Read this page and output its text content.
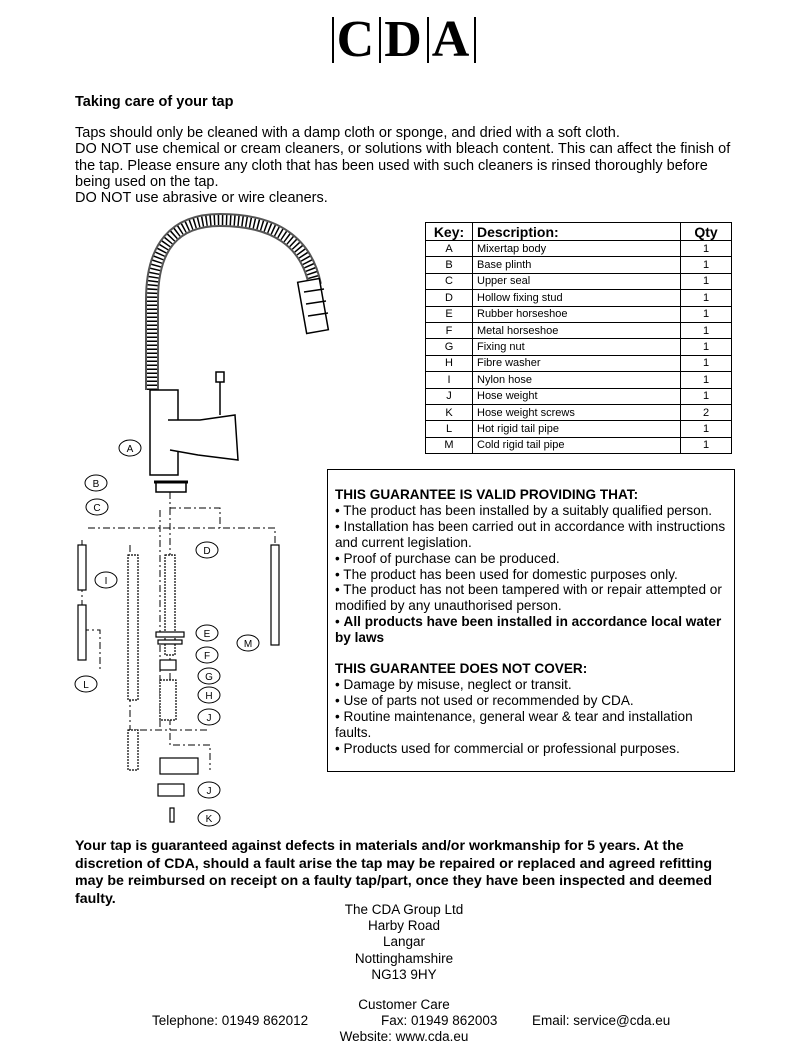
C D A
Taking care of your tap

Taps should only be cleaned with a damp cloth or sponge, and dried with a soft cloth.

DO NOT use chemical or cream cleaners, or solutions with bleach content. This can affect the finish of the tap. Please ensure any cloth that has been used with such cleaners is rinsed thoroughly before being used on the tap.

DO NOT use abrasive or wire cleaners.

A
B
C
D
I
E
F
M
G
L
H
J
J
K
Key:	Description:	Qty
A	Mixertap body	1
B	Base plinth	1
C	Upper seal	1
D	Hollow fixing stud	1
E	Rubber horseshoe	1
F	Metal horseshoe	1
G	Fixing nut	1
H	Fibre washer	1
I	Nylon hose	1
J	Hose weight	1
K	Hose weight screws	2
L	Hot rigid tail pipe	1
M	Cold rigid tail pipe	1
THIS GUARANTEE IS VALID PROVIDING THAT:
• The product has been installed by a suitably qualified person.
• Installation has been carried out in accordance with instructions and current legislation.
• Proof of purchase can be produced.
• The product has been used for domestic purposes only.
• The product has not been tampered with or repair attempted or modified by any unauthorised person.
• All products have been installed in accordance local water by laws
THIS GUARANTEE DOES NOT COVER:
• Damage by misuse, neglect or transit.
• Use of parts not used or recommended by CDA.
• Routine maintenance, general wear & tear and installation faults.
• Products used for commercial or professional purposes.
Your tap is guaranteed against defects in materials and/or workmanship for 5 years. At the discretion of CDA, should a fault arise the tap may be repaired or replaced and agreed refitting may be reimbursed on receipt on a faulty tap/part, once they have been inspected and deemed faulty.
The CDA Group Ltd
Harby Road
Langar
Nottinghamshire
NG13 9HY
Customer Care
Telephone: 01949 862012	Fax: 01949 862003	Email: service@cda.eu
Website: www.cda.eu
